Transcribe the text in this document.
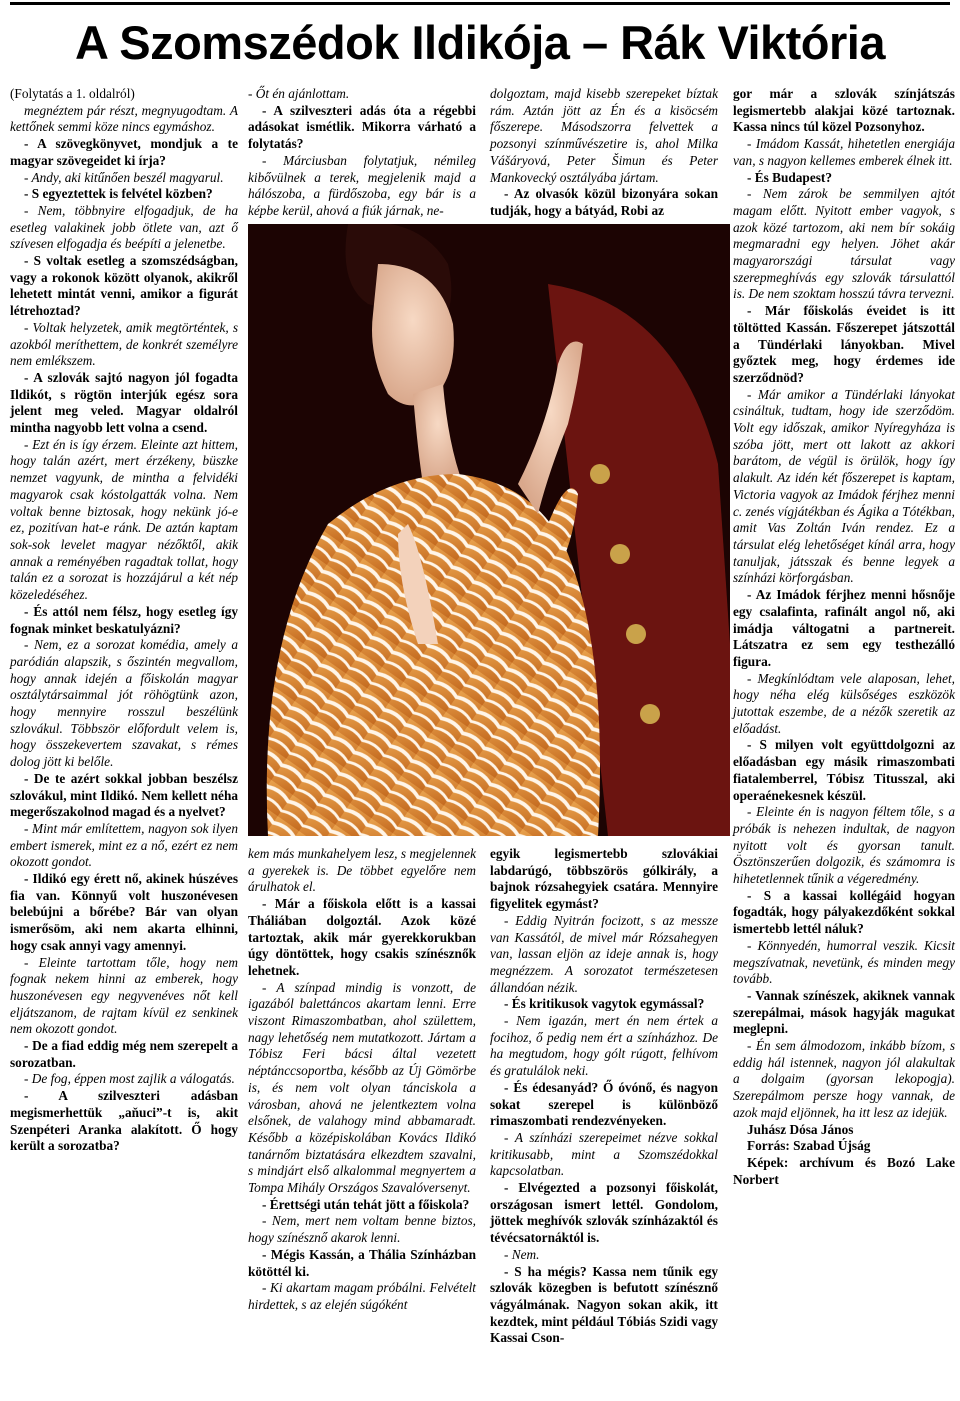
A Szomszédok Ildikója – Rák Viktória

(Folytatás a 1. oldalról)

megnéztem pár részt, megnyugodtam. A kettőnek semmi köze nincs egymáshoz.

- A szövegkönyvet, mondjuk a te magyar szövegeidet ki írja?

- Andy, aki kitűnően beszél magyarul.

- S egyeztettek is felvétel közben?

- Nem, többnyire elfogadjuk, de ha esetleg valakinek jobb ötlete van, azt ő szívesen elfogadja és beépíti a jelenetbe.

- S voltak esetleg a szomszédságban, vagy a rokonok között olyanok, akikről lehetett mintát venni, amikor a figurát létrehoztad?

- Voltak helyzetek, amik megtörténtek, s azokból meríthettem, de konkrét személyre nem emlékszem.

- A szlovák sajtó nagyon jól fogadta Ildikót, s rögtön interjúk egész sora jelent meg veled. Magyar oldalról mintha nagyobb lett volna a csend.

- Ezt én is így érzem. Eleinte azt hittem, hogy talán azért, mert érzékeny, büszke nemzet vagyunk, de mintha a felvidéki magyarok csak kóstolgatták volna. Nem voltak benne biztosak, hogy nekünk jó-e ez, pozitívan hat-e ránk. De aztán kaptam sok-sok levelet magyar nézőktől, akik annak a reményében ragadtak tollat, hogy talán ez a sorozat is hozzájárul a két nép közeledéséhez.

- És attól nem félsz, hogy esetleg így fognak minket beskatulyázni?

- Nem, ez a sorozat komédia, amely a paródián alapszik, s őszintén megvallom, hogy annak idején a főiskolán magyar osztálytársaimmal jót röhögtünk azon, hogy mennyire rosszul beszélünk szlovákul. Többször előfordult velem is, hogy összekevertem szavakat, s rémes dolog jött ki belőle.

- De te azért sokkal jobban beszélsz szlovákul, mint Ildikó. Nem kellett néha megerőszakolnod magad és a nyelvet?

- Mint már említettem, nagyon sok ilyen embert ismerek, mint ez a nő, ezért ez nem okozott gondot.

- Ildikó egy érett nő, akinek húszéves fia van. Könnyű volt huszonévesen belebújni a bőrébe? Bár van olyan ismerősöm, aki nem akarta elhinni, hogy csak annyi vagy amennyi.

- Eleinte tartottam tőle, hogy nem fognak nekem hinni az emberek, hogy huszonévesen egy negyvenéves nőt kell eljátszanom, de rajtam kívül ez senkinek nem okozott gondot.

- De a fiad eddig még nem szerepelt a sorozatban.

- De fog, éppen most zajlik a válogatás.

- A szilveszteri adásban megismerhettük „aňuci”-t is, akit Szenpéteri Aranka alakított. Ő hogy került a sorozatba?

- Őt én ajánlottam.

- A szilveszteri adás óta a régebbi adásokat ismétlik. Mikorra várható a folytatás?

- Márciusban folytatjuk, némileg kibővülnek a terek, megjelenik majd a hálószoba, a fürdőszoba, egy bár is a képbe kerül, ahová a fiúk járnak, ne-

dolgoztam, majd kisebb szerepeket bíztak rám. Aztán jött az Én és a kisöcsém főszerepe. Másodszorra felvettek a pozsonyi színművészetire is, ahol Milka Vášáryová, Peter Šimun és Peter Mankovecký osztályába jártam.

- Az olvasók közül bizonyára sokan tudják, hogy a bátyád, Robi az

kem más munkahelyem lesz, s megjelennek a gyerekek is. De többet egyelőre nem árulhatok el.

- Már a főiskola előtt is a kassai Tháliában dolgoztál. Azok közé tartoztak, akik már gyerekkorukban úgy döntöttek, hogy csakis színésznők lehetnek.

- A színpad mindig is vonzott, de igazából balettáncos akartam lenni. Erre viszont Rimaszombatban, ahol születtem, nagy lehetőség nem mutatkozott. Jártam a Tóbisz Feri bácsi által vezetett néptánccsoportba, később az Új Gömörbe is, és nem volt olyan tánciskola a városban, ahová ne jelentkeztem volna elsőnek, de valahogy mind abbamaradt. Később a középiskolában Kovács Ildikó tanárnőm biztatására elkezdtem szavalni, s mindjárt első alkalommal megnyertem a Tompa Mihály Országos Szavalóversenyt.

- Érettségi után tehát jött a főiskola?

- Nem, mert nem voltam benne biztos, hogy színésznő akarok lenni.

- Mégis Kassán, a Thália Színházban kötöttél ki.

- Ki akartam magam próbálni. Felvételt hirdettek, s az elején súgóként

egyik legismertebb szlovákiai labdarúgó, többszörös gólkirály, a bajnok rózsahegyiek csatára. Mennyire figyelitek egymást?

- Eddig Nyitrán focizott, s az messze van Kassától, de mivel már Rózsahegyen van, lassan eljön az ideje annak is, hogy megnézzem. A sorozatot természetesen állandóan nézik.

- És kritikusok vagytok egymással?

- Nem igazán, mert én nem értek a focihoz, ő pedig nem ért a színházhoz. De ha megtudom, hogy gólt rúgott, felhívom és gratulálok neki.

- És édesanyád? Ő óvónő, és nagyon sokat szerepel is különböző rimaszombati rendezvényeken.

- A színházi szerepeimet nézve sokkal kritikusabb, mint a Szomszédokkal kapcsolatban.

- Elvégezted a pozsonyi főiskolát, országosan ismert lettél. Gondolom, jöttek meghívók szlovák színházaktól és tévécsatornáktól is.

- Nem.

- S ha mégis? Kassa nem tűnik egy szlovák közegben is befutott színésznő vágyálmának. Nagyon sokan akik, itt kezdtek, mint például Tóbiás Szidi vagy Kassai Cson-

gor már a szlovák színjátszás legismertebb alakjai közé tartoznak. Kassa nincs túl közel Pozsonyhoz.

- Imádom Kassát, hihetetlen energiája van, s nagyon kellemes emberek élnek itt.

- És Budapest?

- Nem zárok be semmilyen ajtót magam előtt. Nyitott ember vagyok, s azok közé tartozom, aki nem bír sokáig megmaradni egy helyen. Jöhet akár magyarországi társulat vagy szerepmeghívás egy szlovák társulattól is. De nem szoktam hosszú távra tervezni.

- Már főiskolás éveidet is itt töltötted Kassán. Főszerepet játszottál a Tündérlaki lányokban. Mivel győztek meg, hogy érdemes ide szerződnöd?

- Már amikor a Tündérlaki lányokat csináltuk, tudtam, hogy ide szerződöm. Volt egy időszak, amikor Nyíregyháza is szóba jött, mert ott lakott az akkori barátom, de végül is örülök, hogy így alakult. Az idén két főszerepet is kaptam, Victoria vagyok az Imádok férjhez menni c. zenés vígjátékban és Ágika a Tótékban, amit Vas Zoltán Iván rendez. Ez a társulat elég lehetőséget kínál arra, hogy tanuljak, játsszak és benne legyek a színházi körforgásban.

- Az Imádok férjhez menni hősnője egy csalafinta, rafinált angol nő, aki imádja váltogatni a partnereit. Látszatra ez sem egy testhezálló figura.

- Megkínlódtam vele alaposan, lehet, hogy néha elég külsőséges eszközök jutottak eszembe, de a nézők szeretik az előadást.

- S milyen volt együttdolgozni az előadásban egy másik rimaszombati fiatalemberrel, Tóbisz Titusszal, aki operaénekesnek készül.

- Eleinte én is nagyon féltem tőle, s a próbák is nehezen indultak, de nagyon nyitott volt és gyorsan tanult. Ösztönszerűen dolgozik, és számomra is hihetetlennek tűnik a végeredmény.

- S a kassai kollégáid hogyan fogadták, hogy pályakezdőként sokkal ismertebb lettél náluk?

- Könnyedén, humorral veszik. Kicsit megszívatnak, nevetünk, és minden megy tovább.

- Vannak színészek, akiknek vannak szerepálmai, mások hagyják magukat meglepni.

- Én sem álmodozom, inkább bízom, s eddig hál istennek, nagyon jól alakultak a dolgaim (gyorsan lekopogja). Szerepálmom persze hogy vannak, de azok majd eljönnek, ha itt lesz az idejük.

Juhász Dósa János

Forrás: Szabad Újság

Képek: archívum és Bozó Lake Norbert
